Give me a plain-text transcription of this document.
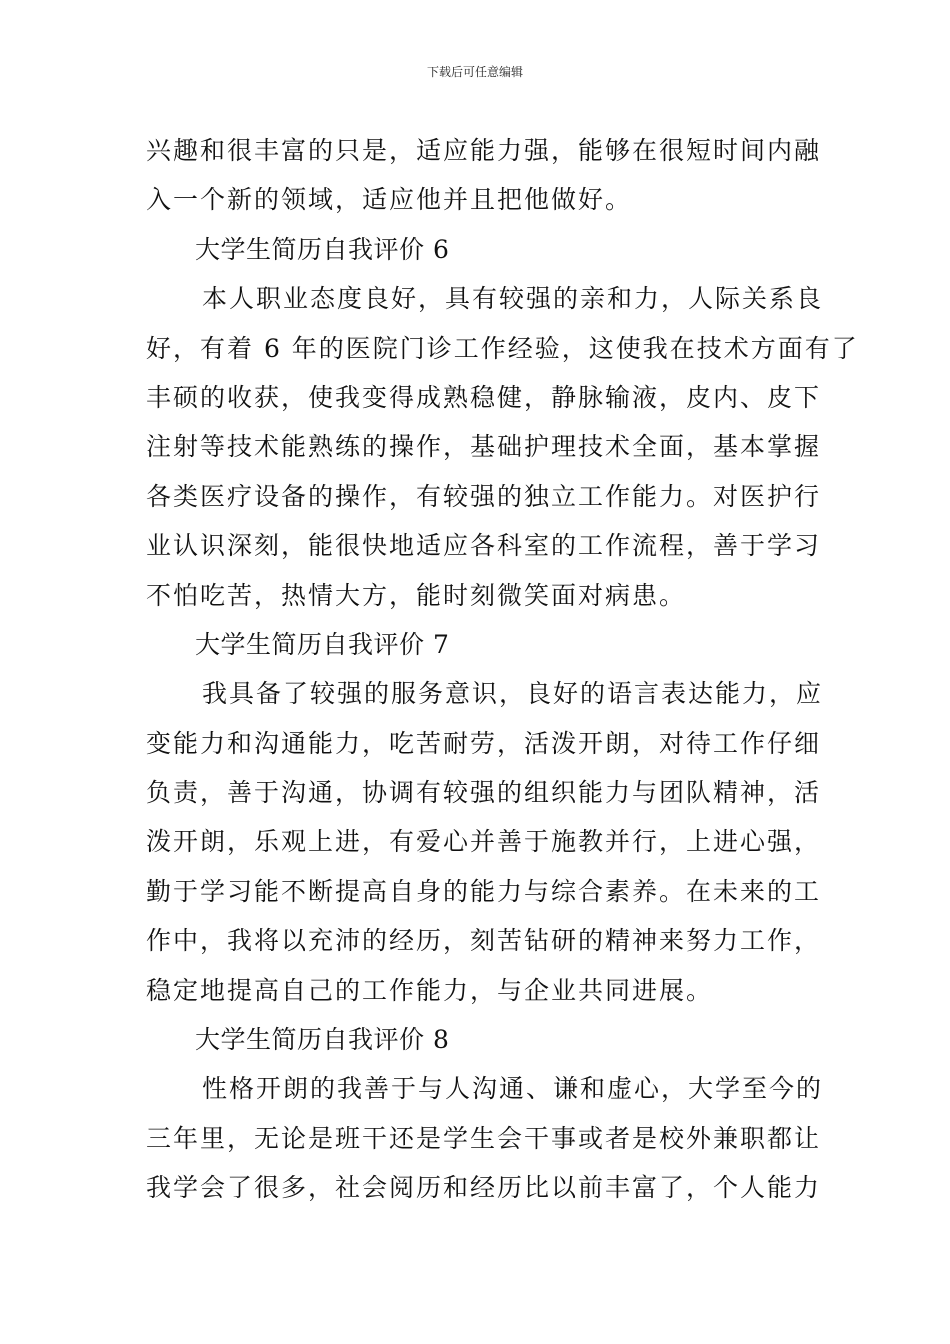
下载后可任意编辑
兴趣和很丰富的只是，适应能力强，能够在很短时间内融
入一个新的领域，适应他并且把他做好。
大学生简历自我评价 6
本人职业态度良好，具有较强的亲和力，人际关系良
好，有着 6 年的医院门诊工作经验，这使我在技术方面有了
丰硕的收获，使我变得成熟稳健，静脉输液，皮内、皮下
注射等技术能熟练的操作，基础护理技术全面，基本掌握
各类医疗设备的操作，有较强的独立工作能力。对医护行
业认识深刻，能很快地适应各科室的工作流程，善于学习
不怕吃苦，热情大方，能时刻微笑面对病患。
大学生简历自我评价 7
我具备了较强的服务意识，良好的语言表达能力，应
变能力和沟通能力，吃苦耐劳，活泼开朗，对待工作仔细
负责，善于沟通，协调有较强的组织能力与团队精神，活
泼开朗，乐观上进，有爱心并善于施教并行，上进心强，
勤于学习能不断提高自身的能力与综合素养。在未来的工
作中，我将以充沛的经历，刻苦钻研的精神来努力工作，
稳定地提高自己的工作能力，与企业共同进展。
大学生简历自我评价 8
性格开朗的我善于与人沟通、谦和虚心，大学至今的
三年里，无论是班干还是学生会干事或者是校外兼职都让
我学会了很多，社会阅历和经历比以前丰富了，个人能力
